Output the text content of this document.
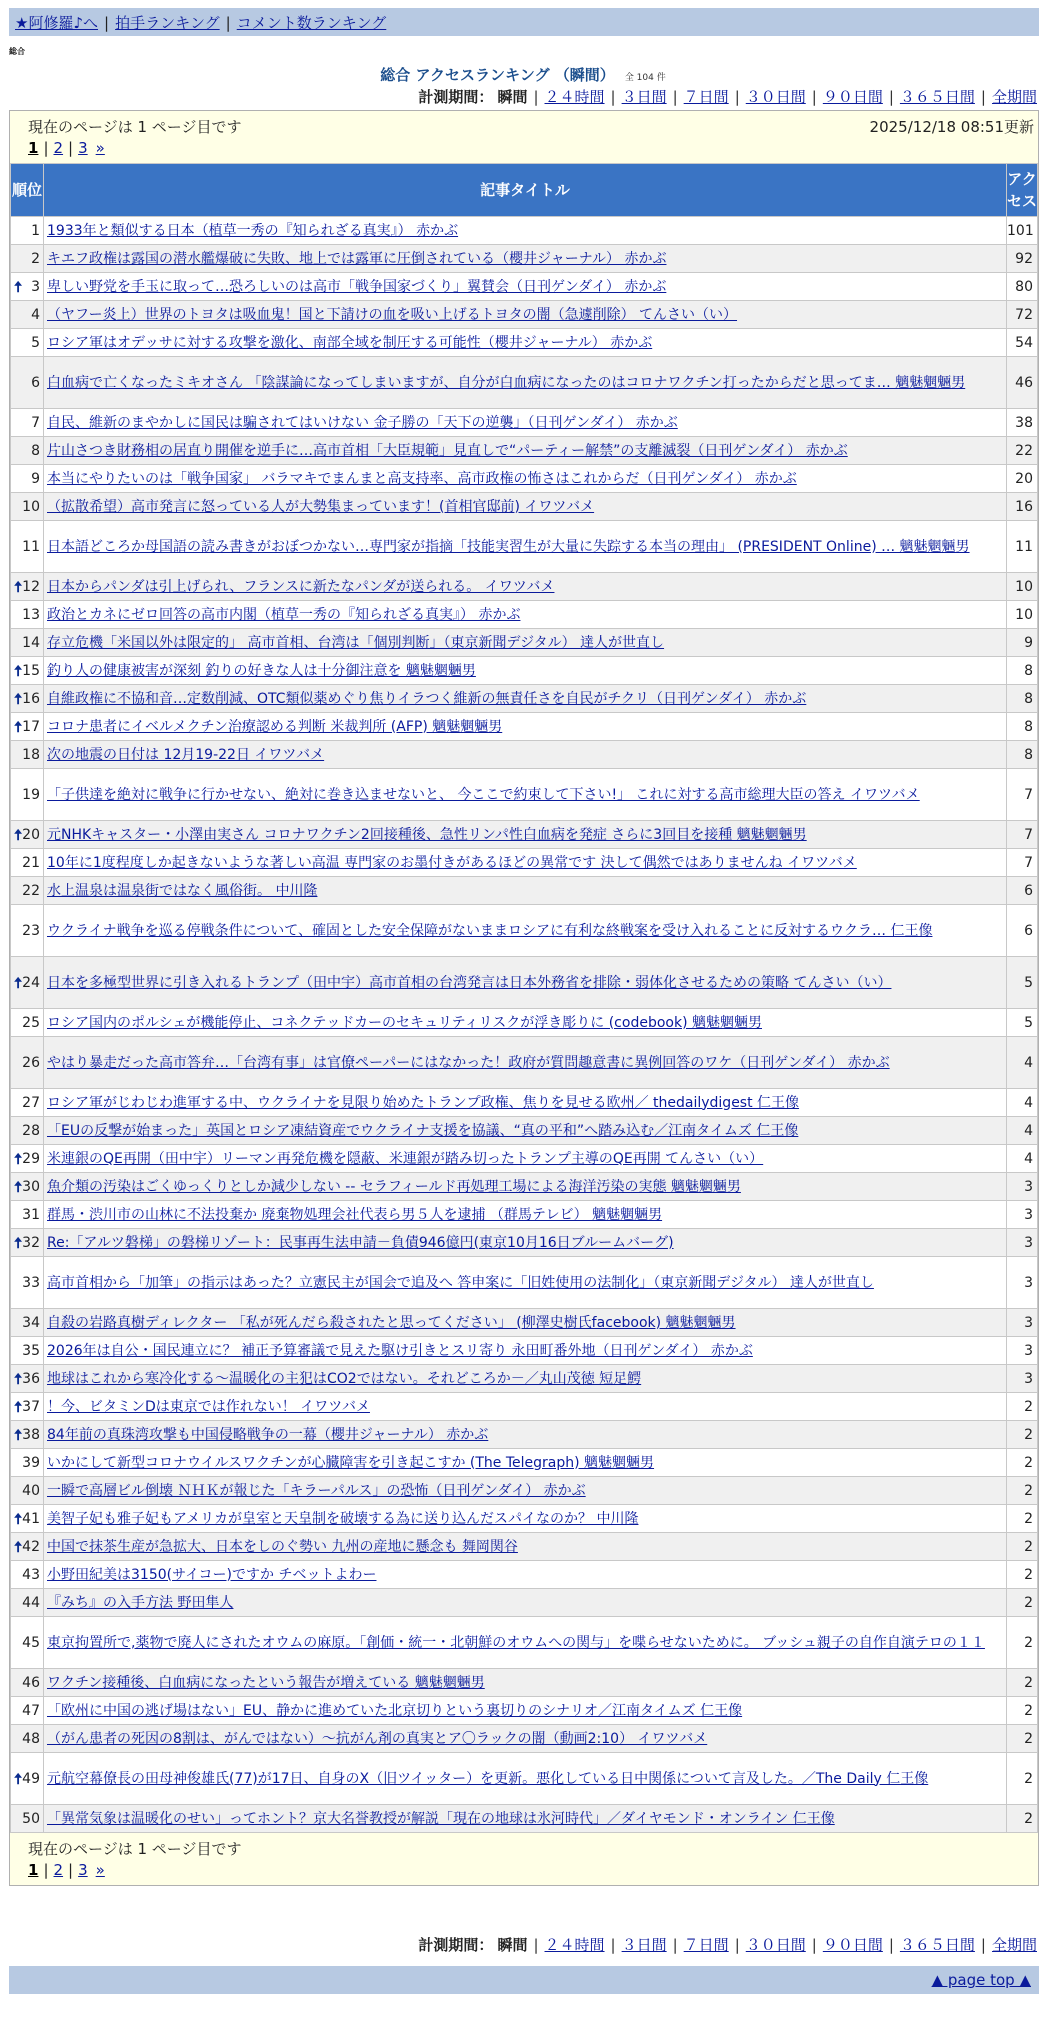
★阿修羅♪へ | 拍手ランキング | コメント数ランキング
総合
総合 アクセスランキング （瞬間） 全 104 件
計測期間： 瞬間 | ２４時間 | ３日間 | ７日間 | ３０日間 | ９０日間 | ３６５日間 | 全期間
現在のページは 1 ページ目です	2025/12/18 08:51更新
1 | 2 | 3 »
順位	記事タイトル	アクセス
1	1933年と類似する日本（植草一秀の『知られざる真実』） 赤かぶ	101
2	キエフ政権は露国の潜水艦爆破に失敗、地上では露軍に圧倒されている（櫻井ジャーナル） 赤かぶ	92

🠅 3	卑しい野党を手玉に取って…恐ろしいのは高市「戦争国家づくり」翼賛会（日刊ゲンダイ） 赤かぶ	80
4	（ヤフー炎上）世界のトヨタは吸血鬼！国と下請けの血を吸い上げるトヨタの闇（急遽削除） てんさい（い）	72
5	ロシア軍はオデッサに対する攻撃を激化、南部全域を制圧する可能性（櫻井ジャーナル） 赤かぶ	54
6	白血病で亡くなったミキオさん 「陰謀論になってしまいますが、自分が白血病になったのはコロナワクチン打ったからだと思ってま… 魑魅魍魎男	46
7	自民、維新のまやかしに国民は騙されてはいけない 金子勝の「天下の逆襲」（日刊ゲンダイ） 赤かぶ	38
8	片山さつき財務相の居直り開催を逆手に…高市首相「大臣規範」見直しで“パーティー解禁”の支離滅裂（日刊ゲンダイ） 赤かぶ	22
9	本当にやりたいのは「戦争国家」 バラマキでまんまと高支持率、高市政権の怖さはこれからだ（日刊ゲンダイ） 赤かぶ	20
10	（拡散希望）高市発言に怒っている人が大勢集まっています！(首相官邸前) イワツバメ	16
11	日本語どころか母国語の読み書きがおぼつかない…専門家が指摘「技能実習生が大量に失踪する本当の理由」 (PRESIDENT Online) … 魑魅魍魎男	11

🠅 12	日本からパンダは引上げられ、フランスに新たなパンダが送られる。 イワツバメ	10
13	政治とカネにゼロ回答の高市内閣（植草一秀の『知られざる真実』） 赤かぶ	10
14	存立危機「米国以外は限定的」 高市首相、台湾は「個別判断」（東京新聞デジタル） 達人が世直し	9

🠅 15	釣り人の健康被害が深刻 釣りの好きな人は十分御注意を 魑魅魍魎男	8

🠅 16	自維政権に不協和音…定数削減、OTC類似薬めぐり焦りイラつく維新の無責任さを自民がチクリ（日刊ゲンダイ） 赤かぶ	8

🠅 17	コロナ患者にイベルメクチン治療認める判断 米裁判所 (AFP) 魑魅魍魎男	8
18	次の地震の日付は 12月19-22日 イワツバメ	8
19	「子供達を絶対に戦争に行かせない、絶対に巻き込ませないと、 今ここで約束して下さい!」 これに対する高市総理大臣の答え イワツバメ	7

🠅 20	元NHKキャスター・小澤由実さん コロナワクチン2回接種後、急性リンパ性白血病を発症 さらに3回目を接種 魑魅魍魎男	7
21	10年に1度程度しか起きないような著しい高温 専門家のお墨付きがあるほどの異常です 決して偶然ではありませんね イワツバメ	7
22	水上温泉は温泉街ではなく風俗街。 中川隆	6
23	ウクライナ戦争を巡る停戦条件について、確固とした安全保障がないままロシアに有利な終戦案を受け入れることに反対するウクラ… 仁王像	6

🠅 24	日本を多極型世界に引き入れるトランプ（田中宇）高市首相の台湾発言は日本外務省を排除・弱体化させるための策略 てんさい（い）	5
25	ロシア国内のポルシェが機能停止、コネクテッドカーのセキュリティリスクが浮き彫りに (codebook) 魑魅魍魎男	5
26	やはり暴走だった高市答弁…「台湾有事」は官僚ペーパーにはなかった！政府が質問趣意書に異例回答のワケ（日刊ゲンダイ） 赤かぶ	4
27	ロシア軍がじわじわ進軍する中、ウクライナを見限り始めたトランプ政権、焦りを見せる欧州／ thedailydigest 仁王像	4
28	「EUの反撃が始まった」英国とロシア凍結資産でウクライナ支援を協議、“真の平和”へ踏み込む／江南タイムズ 仁王像	4

🠅 29	米連銀のQE再開（田中宇）リーマン再発危機を隠蔽、米連銀が踏み切ったトランプ主導のQE再開 てんさい（い）	4

🠅 30	魚介類の汚染はごくゆっくりとしか減少しない -- セラフィールド再処理工場による海洋汚染の実態 魑魅魍魎男	3
31	群馬・渋川市の山林に不法投棄か 廃棄物処理会社代表ら男５人を逮捕 （群馬テレビ） 魑魅魍魎男	3

🠅 32	Re:「アルツ磐梯」の磐梯リゾート：民事再生法申請－負債946億円(東京10月16日ブルームバーグ)	3
33	高市首相から「加筆」の指示はあった？立憲民主が国会で追及へ 答申案に「旧姓使用の法制化」（東京新聞デジタル） 達人が世直し	3
34	自殺の岩路真樹ディレクター 「私が死んだら殺されたと思ってください」 (柳澤史樹氏facebook) 魑魅魍魎男	3
35	2026年は自公・国民連立に？ 補正予算審議で見えた駆け引きとスリ寄り 永田町番外地（日刊ゲンダイ） 赤かぶ	3

🠅 36	地球はこれから寒冷化する～温暖化の主犯はCO2ではない。それどころか－／丸山茂徳 短足鰐	3

🠅 37	！今、ビタミンDは東京では作れない！ イワツバメ	2

🠅 38	84年前の真珠湾攻撃も中国侵略戦争の一幕（櫻井ジャーナル） 赤かぶ	2
39	いかにして新型コロナウイルスワクチンが心臓障害を引き起こすか (The Telegraph) 魑魅魍魎男	2
40	一瞬で高層ビル倒壊 ＮＨＫが報じた「キラーパルス」の恐怖（日刊ゲンダイ） 赤かぶ	2

🠅 41	美智子妃も雅子妃もアメリカが皇室と天皇制を破壊する為に送り込んだスパイなのか？ 中川隆	2

🠅 42	中国で抹茶生産が急拡大、日本をしのぐ勢い 九州の産地に懸念も 舞岡関谷	2
43	小野田紀美は3150(サイコー)ですか チベットよわー	2
44	『みち』の入手方法 野田隼人	2
45	東京拘置所で,薬物で廃人にされたオウムの麻原。「創価・統一・北朝鮮のオウムへの関与」を喋らせないために。 ブッシュ親子の自作自演テロの１１	2
46	ワクチン接種後、白血病になったという報告が増えている 魑魅魍魎男	2
47	「欧州に中国の逃げ場はない」EU、静かに進めていた北京切りという裏切りのシナリオ／江南タイムズ 仁王像	2
48	（がん患者の死因の8割は、がんではない）～抗がん剤の真実とア〇ラックの闇（動画2:10） イワツバメ	2

🠅 49	元航空幕僚長の田母神俊雄氏(77)が17日、自身のX（旧ツイッター）を更新。悪化している日中関係について言及した。／The Daily 仁王像	2
50	「異常気象は温暖化のせい」ってホント？京大名誉教授が解説「現在の地球は氷河時代」／ダイヤモンド・オンライン 仁王像	2
現在のページは 1 ページ目です
1 | 2 | 3 »
計測期間： 瞬間 | ２４時間 | ３日間 | ７日間 | ３０日間 | ９０日間 | ３６５日間 | 全期間
▲ page top ▲
